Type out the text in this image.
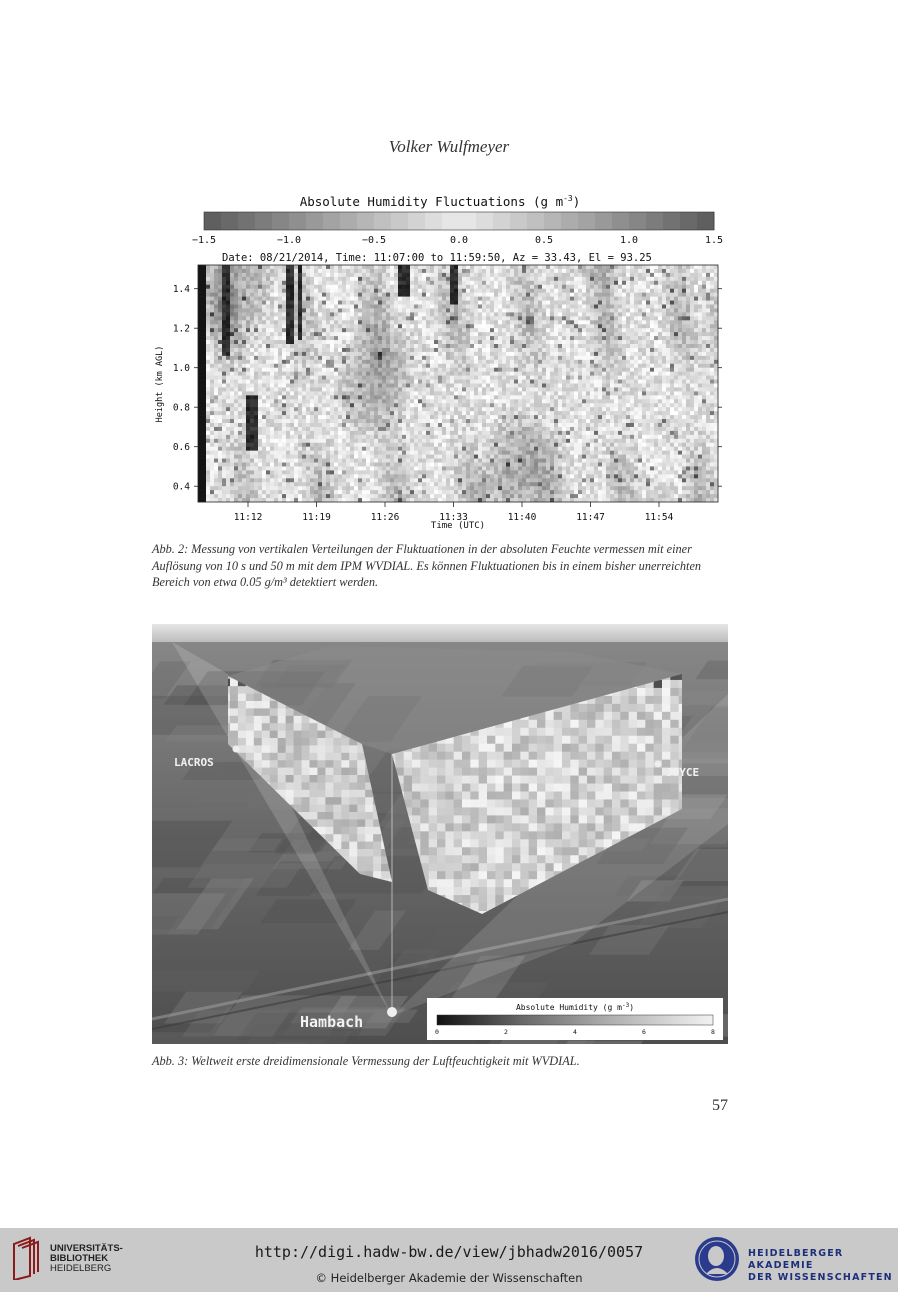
Volker Wulfmeyer
Absolute Humidity Fluctuations (g $m^{-3}$)
−1.5	−1.0	−0.5	0.0	0.5	1.0	1.5
Date: 08/21/2014, Time: 11:07:00 to 11:59:50, Az = 33.43, El = 93.25
1.4
1.2
1.0
0.8
0.6
0.4
11:12	11:19	11:26	11:33	11:40	11:47	11:54
Height (km AGL)
Time (UTC)
Abb. 2: Messung von vertikalen Verteilungen der Fluktuationen in der absoluten Feuchte vermessen mit einer Auflösung von 10 s und 50 m mit dem IPM WVDIAL. Es können Fluktuationen bis in einem bisher unerreichten Bereich von etwa 0.05 g/m³ detektiert werden.
LACROS
JOYCE
Hambach
Absolute Humidity (g $m^{-3}$)
0	2	4	6	8
Abb. 3: Weltweit erste dreidimensionale Vermessung der Luftfeuchtigkeit mit WVDIAL.
57
UNIVERSITÄTS-
BIBLIOTHEK
HEIDELBERG
http://digi.hadw-bw.de/view/jbhadw2016/0057
© Heidelberger Akademie der Wissenschaften
HEIDELBERGER AKADEMIE
DER WISSENSCHAFTEN
